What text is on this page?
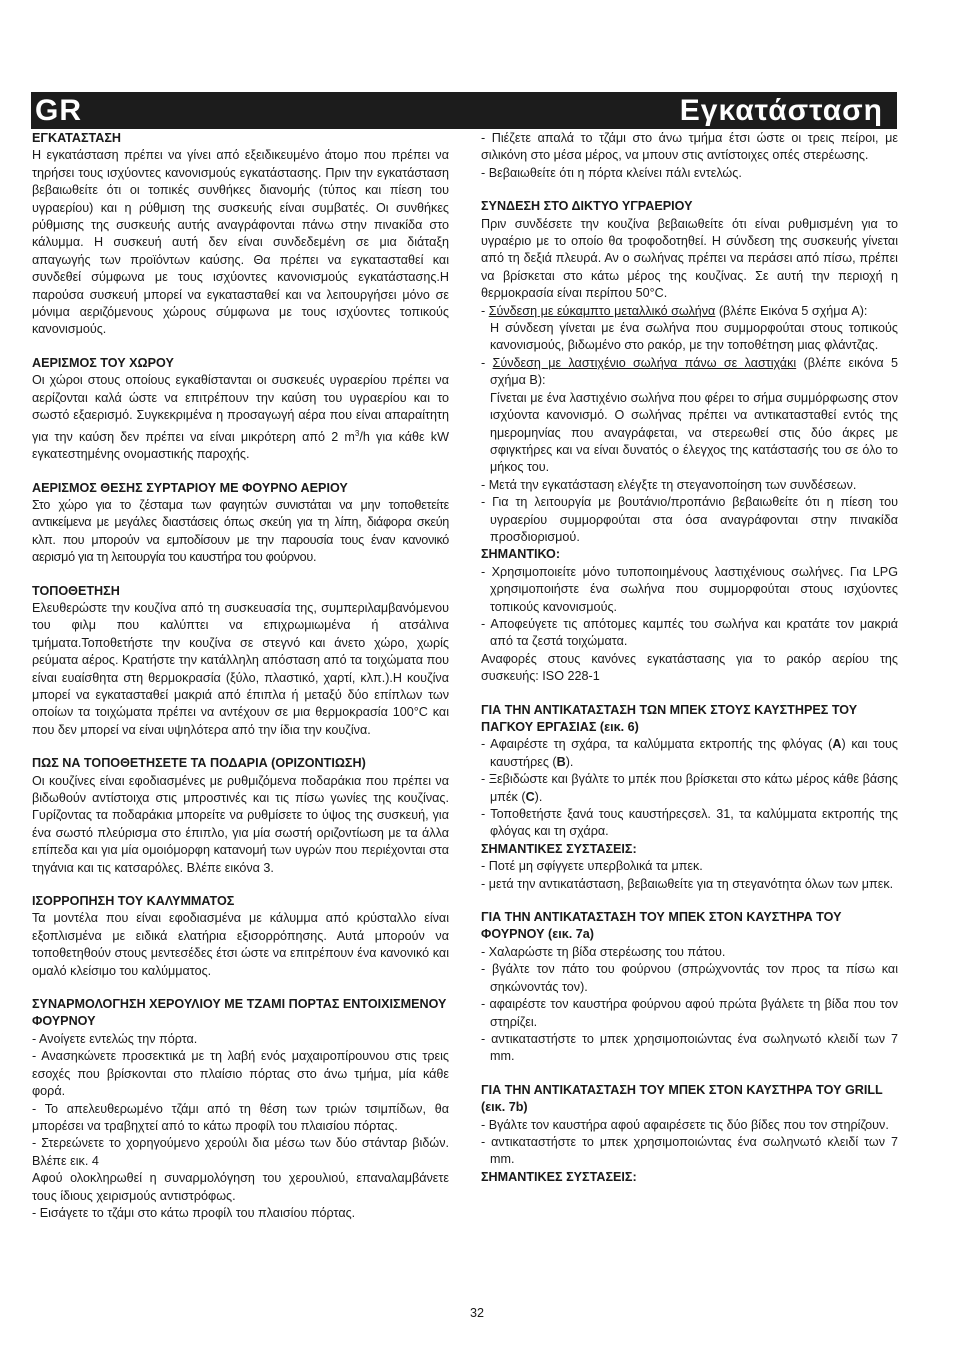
GR	Εγκατάσταση
ΕΓΚΑΤΑΣΤΑΣΗ

Η εγκατάσταση πρέπει να γίνει από εξειδικευμένο άτομο που πρέπει να τηρήσει τους ισχύοντες κανονισμούς εγκατάστασης. Πριν την εγκατάσταση βεβαιωθείτε ότι οι τοπικές συνθήκες διανομής (τύπος και πίεση του υγραερίου) και η ρύθμιση της συσκευής είναι συμβατές. Οι συνθήκες ρύθμισης της συσκευής αυτής αναγράφονται πάνω στην πινακίδα στο κάλυμμα. Η συσκευή αυτή δεν είναι συνδεδεμένη σε μια διάταξη απαγωγής των προϊόντων καύσης. Θα πρέπει να εγκατασταθεί και συνδεθεί σύμφωνα με τους ισχύοντες κανονισμούς εγκατάστασης.Η παρούσα συσκευή μπορεί να εγκατασταθεί και να λειτουργήσει μόνο σε μόνιμα αεριζόμενους χώρους σύμφωνα με τους ισχύοντες τοπικούς κανονισμούς.

ΑΕΡΙΣΜΟΣ ΤΟΥ ΧΩΡΟΥ

Οι χώροι στους οποίους εγκαθίστανται οι συσκευές υγραερίου πρέπει να αερίζονται καλά ώστε να επιτρέπουν την καύση του υγραερίου και το σωστό εξαερισμό. Συγκεκριμένα η προσαγωγή αέρα που είναι απαραίτητη για την καύση δεν πρέπει να είναι μικρότερη από 2 $m^3/h$ για κάθε kW εγκατεστημένης ονομαστικής παροχής.

ΑΕΡΙΣΜΟΣ ΘΕΣΗΣ ΣΥΡΤΑΡΙΟΥ ΜΕ ΦΟΥΡΝΟ ΑΕΡΙΟΥ

Στο χώρο για το ζέσταμα των φαγητών συνιστάται να μην τοποθετείτε αντικείμενα με μεγάλες διαστάσεις όπως σκεύη για τη λίπη, διάφορα σκεύη κλπ. που μπορούν να εμποδίσουν με την παρουσία τους έναν κανονικό αερισμό για τη λειτουργία του καυστήρα του φούρνου.

ΤΟΠΟΘΕΤΗΣΗ

Ελευθερώστε την κουζίνα από τη συσκευασία της, συμπεριλαμβανόμενου του φιλμ που καλύπτει να επιχρωμιωμένα ή ατσάλινα τμήματα.Τοποθετήστε την κουζίνα σε στεγνό και άνετο χώρο, χωρίς ρεύματα αέρος. Κρατήστε την κατάλληλη απόσταση από τα τοιχώματα που είναι ευαίσθητα στη θερμοκρασία (ξύλο, πλαστικό, χαρτί, κλπ.).Η κουζίνα μπορεί να εγκατασταθεί μακριά από έπιπλα ή μεταξύ δύο επίπλων των οποίων τα τοιχώματα πρέπει να αντέχουν σε μια θερμοκρασία 100°C και που δεν μπορεί να είναι υψηλότερα από την ίδια την κουζίνα.

ΠΩΣ ΝΑ ΤΟΠΟΘΕΤΗΣΕΤΕ ΤΑ ΠΟΔΑΡΙΑ (ΟΡΙΖΟΝΤΙΩΣΗ)

Οι κουζίνες είναι εφοδιασμένες με ρυθμιζόμενα ποδαράκια που πρέπει να βιδωθούν αντίστοιχα στις μπροστινές και τις πίσω γωνίες της κουζίνας. Γυρίζοντας τα ποδαράκια μπορείτε να ρυθμίσετε το ύψος της συσκευή, για ένα σωστό πλεύρισμα στο έπιπλο, για μία σωστή οριζοντίωση με τα άλλα επίπεδα και για μία ομοιόμορφη κατανομή των υγρών που περιέχονται στα τηγάνια και τις κατσαρόλες. Βλέπε εικόνα 3.

ΙΣΟΡΡΟΠΗΣΗ ΤΟΥ ΚΑΛΥΜΜΑΤΟΣ

Τα μοντέλα που είναι εφοδιασμένα με κάλυμμα από κρύσταλλο είναι εξοπλισμένα με ειδικά ελατήρια εξισορρόπησης. Αυτά μπορούν να τοποθετηθούν στους μεντεσέδες έτσι ώστε να επιτρέπουν ένα κανονικό και ομαλό κλείσιμο του καλύμματος.

ΣΥΝΑΡΜΟΛΟΓΗΣΗ ΧΕΡΟΥΛΙΟΥ ΜΕ ΤΖΑΜΙ ΠΟΡΤΑΣ ΕΝΤΟΙΧΙΣΜΕΝΟΥ ΦΟΥΡΝΟΥ

- Ανοίγετε εντελώς την πόρτα.

- Ανασηκώνετε προσεκτικά με τη λαβή ενός μαχαιροπίρουνου στις τρεις εσοχές που βρίσκονται στο πλαίσιο πόρτας στο άνω τμήμα, μία κάθε φορά.

- Το απελευθερωμένο τζάμι από τη θέση των τριών τσιμπίδων, θα μπορέσει να τραβηχτεί από το κάτω προφίλ του πλαισίου πόρτας.

- Στερεώνετε το χορηγούμενο χερούλι δια μέσω των δύο στάνταρ βιδών. Βλέπε εικ. 4

Αφού ολοκληρωθεί η συναρμολόγηση του χερουλιού, επαναλαμβάνετε τους ίδιους χειρισμούς αντιστρόφως.

- Εισάγετε το τζάμι στο κάτω προφίλ του πλαισίου πόρτας.

- Πιέζετε απαλά το τζάμι στο άνω τμήμα έτσι ώστε οι τρεις πείροι, με σιλικόνη στο μέσα μέρος, να μπουν στις αντίστοιχες οπές στερέωσης.

- Βεβαιωθείτε ότι η πόρτα κλείνει πάλι εντελώς.

ΣΥΝΔΕΣΗ ΣΤΟ ΔΙΚΤΥΟ ΥΓΡΑΕΡΙΟΥ

Πριν συνδέσετε την κουζίνα βεβαιωθείτε ότι είναι ρυθμισμένη για το υγραέριο με το οποίο θα τροφοδοτηθεί. Η σύνδεση της συσκευής γίνεται από τη δεξιά πλευρά. Αν ο σωλήνας πρέπει να περάσει από πίσω, πρέπει να βρίσκεται στο κάτω μέρος της κουζίνας. Σε αυτή την περιοχή η θερμοκρασία είναι περίπου 50°C.

- Σύνδεση με εύκαμπτο μεταλλικό σωλήνα (βλέπε Εικόνα 5 σχήμα A):

Η σύνδεση γίνεται με ένα σωλήνα που συμμορφούται στους τοπικούς κανονισμούς, βιδωμένο στο ρακόρ, με την τοποθέτηση μιας φλάντζας.

- Σύνδεση με λαστιχένιο σωλήνα πάνω σε λαστιχάκι (βλέπε εικόνα 5 σχήμα B):

Γίνεται με ένα λαστιχένιο σωλήνα που φέρει το σήμα συμμόρφωσης στον ισχύοντα κανονισμό. Ο σωλήνας πρέπει να αντικατασταθεί εντός της ημερομηνίας που αναγράφεται, να στερεωθεί στις δύο άκρες με σφιγκτήρες και να είναι δυνατός ο έλεγχος της κατάστασής του σε όλο το μήκος του.

- Μετά την εγκατάσταση ελέγξτε τη στεγανοποίηση των συνδέσεων.

- Για τη λειτουργία με βουτάνιο/προπάνιο βεβαιωθείτε ότι η πίεση του υγραερίου συμμορφούται στα όσα αναγράφονται στην πινακίδα προσδιορισμού.

ΣΗΜΑΝΤΙΚΟ:

- Χρησιμοποιείτε μόνο τυποποιημένους λαστιχένιους σωλήνες. Για LPG χρησιμοποιήστε ένα σωλήνα που συμμορφούται στους ισχύοντες τοπικούς κανονισμούς.

- Αποφεύγετε τις απότομες καμπές του σωλήνα και κρατάτε τον μακριά από τα ζεστά τοιχώματα.

Αναφορές στους κανόνες εγκατάστασης για το ρακόρ αερίου της συσκευής: ISO 228-1

ΓΙΑ ΤΗΝ ΑΝΤΙΚΑΤΑΣΤΑΣΗ ΤΩΝ ΜΠΕΚ ΣΤΟΥΣ ΚΑΥΣΤΗΡΕΣ ΤΟΥ ΠΑΓΚΟΥ ΕΡΓΑΣΙΑΣ (εικ. 6)

- Αφαιρέστε τη σχάρα, τα καλύμματα εκτροπής της φλόγας (A) και τους καυστήρες (B).

- Ξεβιδώστε και βγάλτε το μπέκ που βρίσκεται στο κάτω μέρος κάθε βάσης μπέκ (C).

- Τοποθετήστε ξανά τους καυστήρεςσελ. 31, τα καλύμματα εκτροπής της φλόγας και τη σχάρα.

ΣΗΜΑΝΤΙΚΕΣ ΣΥΣΤΑΣΕΙΣ:

- Ποτέ μη σφίγγετε υπερβολικά τα μπεκ.

- μετά την αντικατάσταση, βεβαιωθείτε για τη στεγανότητα όλων των μπεκ.

ΓΙΑ ΤΗΝ ΑΝΤΙΚΑΤΑΣΤΑΣΗ ΤΟΥ ΜΠΕΚ ΣΤΟΝ ΚΑΥΣΤΗΡΑ ΤΟΥ ΦΟΥΡΝΟΥ (εικ. 7a)

- Χαλαρώστε τη βίδα στερέωσης του πάτου.

- βγάλτε τον πάτο του φούρνου (σπρώχνοντάς τον προς τα πίσω και σηκώνοντάς τον).

- αφαιρέστε τον καυστήρα φούρνου αφού πρώτα βγάλετε τη βίδα που τον στηρίζει.

- αντικαταστήστε το μπεκ χρησιμοποιώντας ένα σωληνωτό κλειδί των 7 mm.

ΓΙΑ ΤΗΝ ΑΝΤΙΚΑΤΑΣΤΑΣΗ ΤΟΥ ΜΠΕΚ ΣΤΟΝ ΚΑΥΣΤΗΡΑ ΤΟΥ GRILL (εικ. 7b)

- Βγάλτε τον καυστήρα αφού αφαιρέσετε τις δύο βίδες που τον στηρίζουν.

- αντικαταστήστε το μπεκ χρησιμοποιώντας ένα σωληνωτό κλειδί των 7 mm.

ΣΗΜΑΝΤΙΚΕΣ ΣΥΣΤΑΣΕΙΣ:
32
